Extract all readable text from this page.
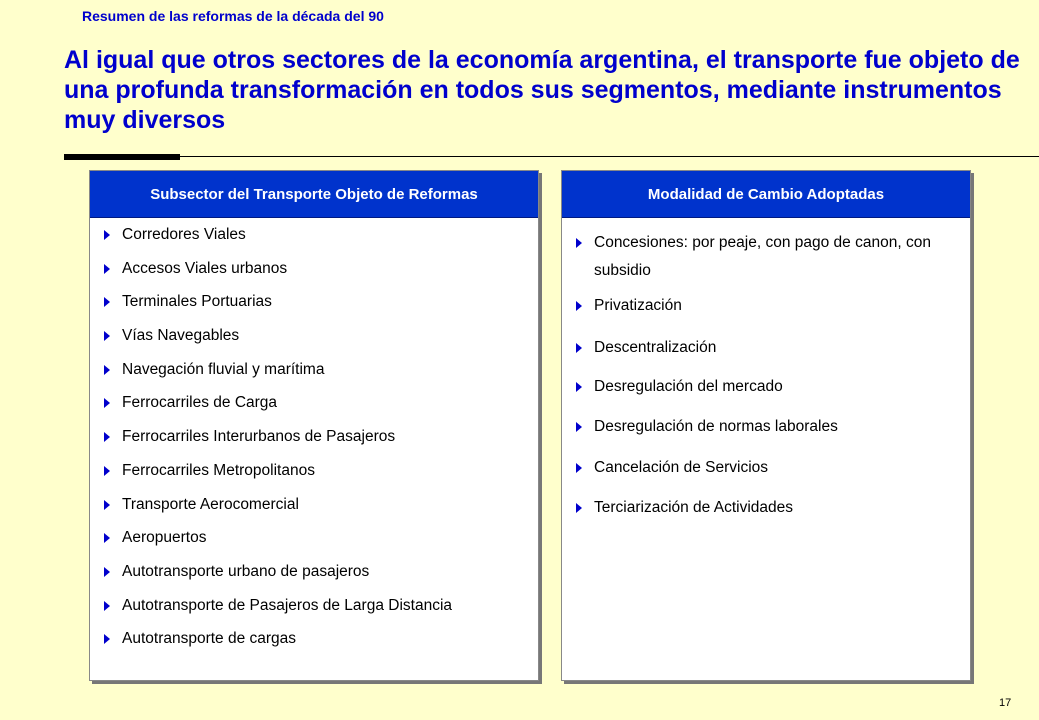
Resumen de las reformas de la década del 90
Al igual que otros sectores de la economía argentina, el transporte fue objeto de una profunda transformación en todos sus segmentos, mediante instrumentos muy diversos
Subsector del Transporte Objeto de Reformas
Corredores Viales
Accesos Viales urbanos
Terminales Portuarias
Vías Navegables
Navegación fluvial y marítima
Ferrocarriles de Carga
Ferrocarriles Interurbanos de Pasajeros
Ferrocarriles Metropolitanos
Transporte Aerocomercial
Aeropuertos
Autotransporte urbano de pasajeros
Autotransporte de Pasajeros de Larga Distancia
Autotransporte de cargas
Modalidad de Cambio Adoptadas
Concesiones: por peaje, con pago de canon, con subsidio
Privatización
Descentralización
Desregulación del mercado
Desregulación de normas laborales
Cancelación de Servicios
Terciarización de Actividades
17
